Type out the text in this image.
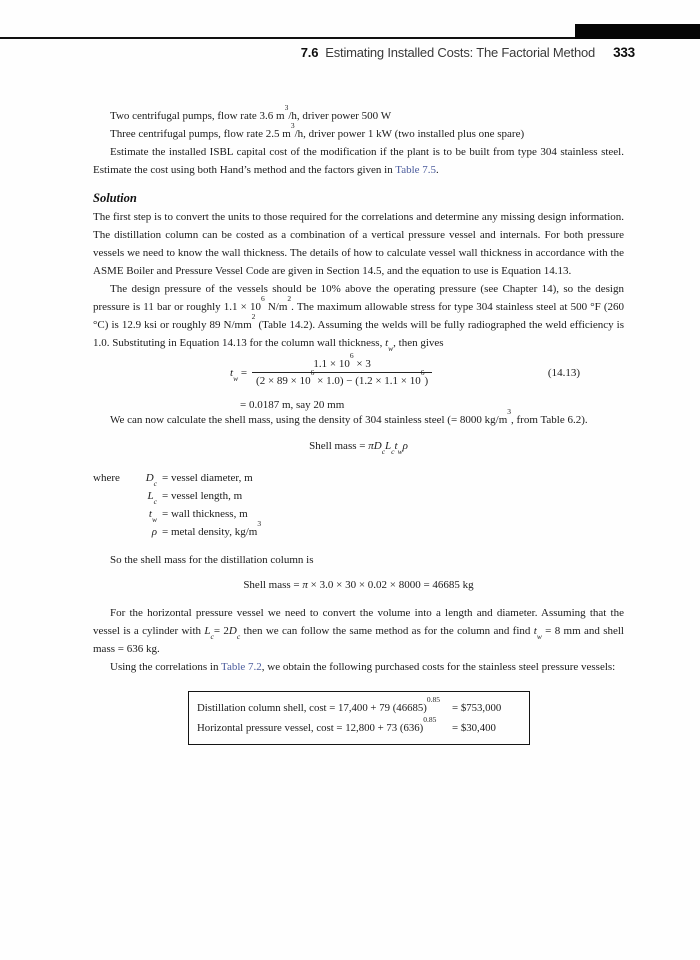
7.6 Estimating Installed Costs: The Factorial Method 333
Two centrifugal pumps, flow rate 3.6 $m^3/h$, driver power 500 W
Three centrifugal pumps, flow rate 2.5 $m^3/h$, driver power 1 kW (two installed plus one spare)

Estimate the installed ISBL capital cost of the modification if the plant is to be built from type 304 stainless steel. Estimate the cost using both Hand’s method and the factors given in Table 7.5.

Solution

The first step is to convert the units to those required for the correlations and determine any missing design information. The distillation column can be costed as a combination of a vertical pressure vessel and internals. For both pressure vessels we need to know the wall thickness. The details of how to calculate vessel wall thickness in accordance with the ASME Boiler and Pressure Vessel Code are given in Section 14.5, and the equation to use is Equation 14.13.

The design pressure of the vessels should be 10% above the operating pressure (see Chapter 14), so the design pressure is 11 bar or roughly $1.1 \times 10^6$ $N/m^2$. The maximum allowable stress for type 304 stainless steel at 500 °F (260 °C) is 12.9 ksi or roughly 89 $N/mm^2$ (Table 14.2). Assuming the welds will be fully radiographed the weld efficiency is 1.0. Substituting in Equation 14.13 for the column wall thickness, $t_w$, then gives

$t_w = \frac{1.1 \times 10^6 \times 3}{(2 \times 89 \times 10^6 \times 1.0) - (1.2 \times 1.1 \times 10^6)}$	(14.13)
= 0.0187 m, say 20 mm

We can now calculate the shell mass, using the density of 304 stainless steel (= 8000 $kg/m^3$, from Table 6.2).

Shell mass = $\pi D_cL_ct_w\rho$
where	$D_c$ = vessel diameter, m
$L_c$ = vessel length, m
$t_w$ = wall thickness, m
ρ = metal density, $kg/m^3$

So the shell mass for the distillation column is

Shell mass = π × 3.0 × 30 × 0.02 × 8000 = 46685 kg

For the horizontal pressure vessel we need to convert the volume into a length and diameter. Assuming that the vessel is a cylinder with $L_c= 2D_c$ then we can follow the same method as for the column and find $t_w = 8$ mm and shell mass = 636 kg.

Using the correlations in Table 7.2, we obtain the following purchased costs for the stainless steel pressure vessels:

Distillation column shell, cost = 17,400 + 79 $(46685)^{0.85}$
= $753,000
Horizontal pressure vessel, cost = 12,800 + 73 $(636)^{0.85}$
= $30,400
